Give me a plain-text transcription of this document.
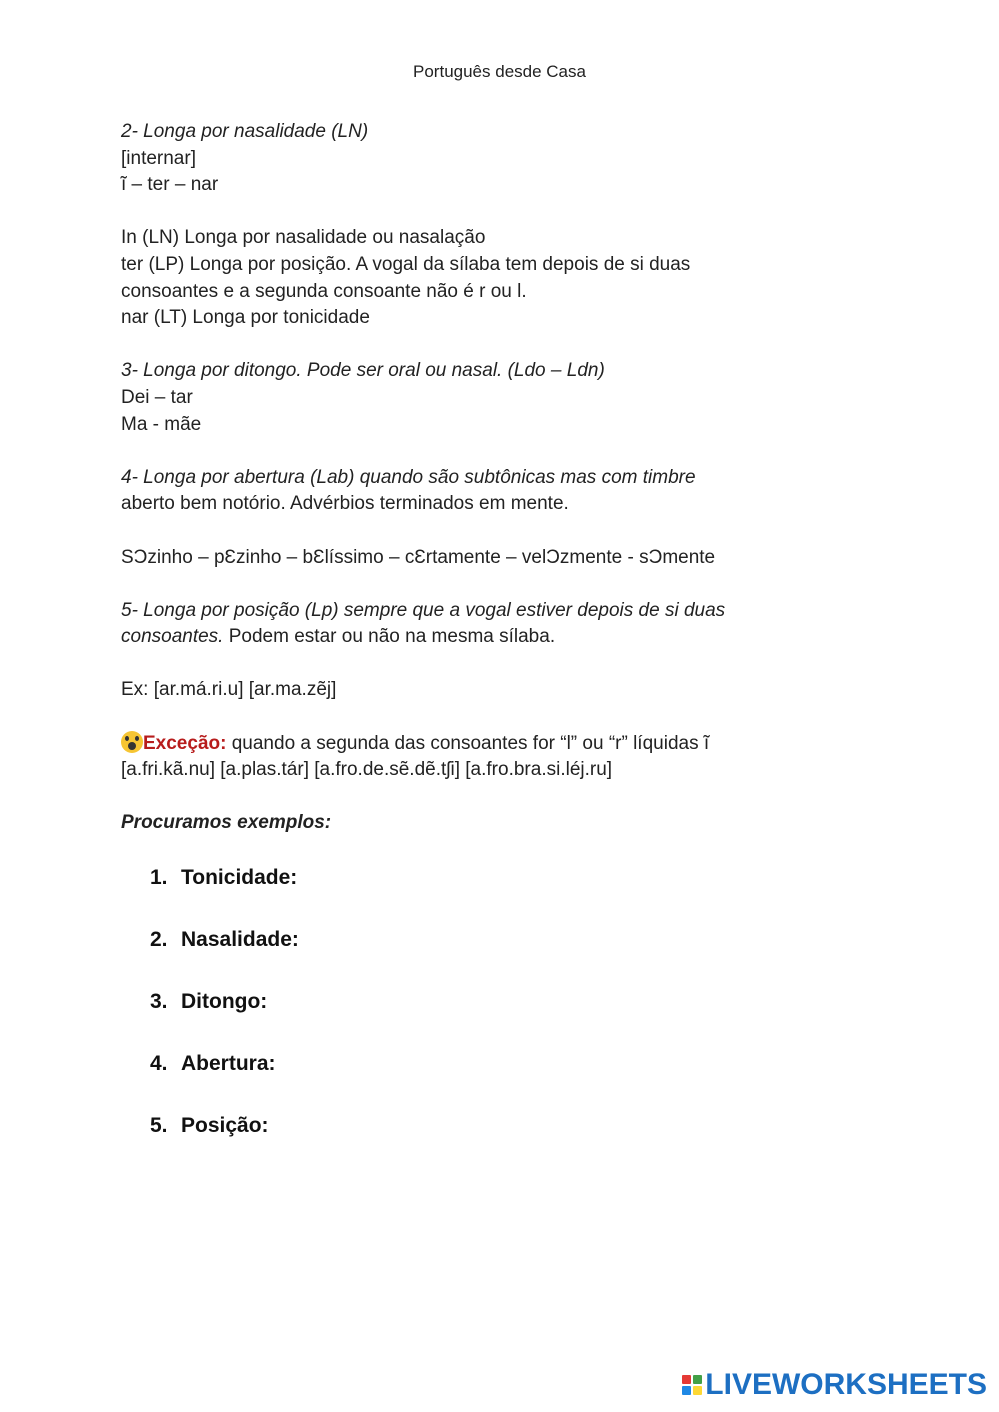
Português desde Casa
2- Longa por nasalidade (LN)
[internar]
ĩ – ter – nar
In (LN) Longa por nasalidade ou nasalação
ter (LP) Longa por posição. A vogal da sílaba tem depois de si duas
consoantes e a segunda consoante não é r ou l.
nar (LT) Longa por tonicidade
3- Longa por ditongo. Pode ser oral ou nasal. (Ldo – Ldn)
Dei – tar
Ma - mãe
4- Longa por abertura (Lab) quando são subtônicas mas com timbre
aberto bem notório. Advérbios terminados em mente.
SƆzinho – pƐzinho – bƐlíssimo – cƐrtamente – velƆzmente - sƆmente
5- Longa por posição (Lp) sempre que a vogal estiver depois de si duas
consoantes. Podem estar ou não na mesma sílaba.
Ex: [ar.má.ri.u] [ar.ma.zẽj]
Exceção: quando a segunda das consoantes for “l” ou “r” líquidas ĩ
[a.fri.kã.nu] [a.plas.tár] [a.fro.de.sẽ.dẽ.tʃi] [a.fro.bra.si.léj.ru]
Procuramos exemplos:
1. Tonicidade:
2. Nasalidade:
3. Ditongo:
4. Abertura:
5. Posição:
LIVEWORKSHEETS
